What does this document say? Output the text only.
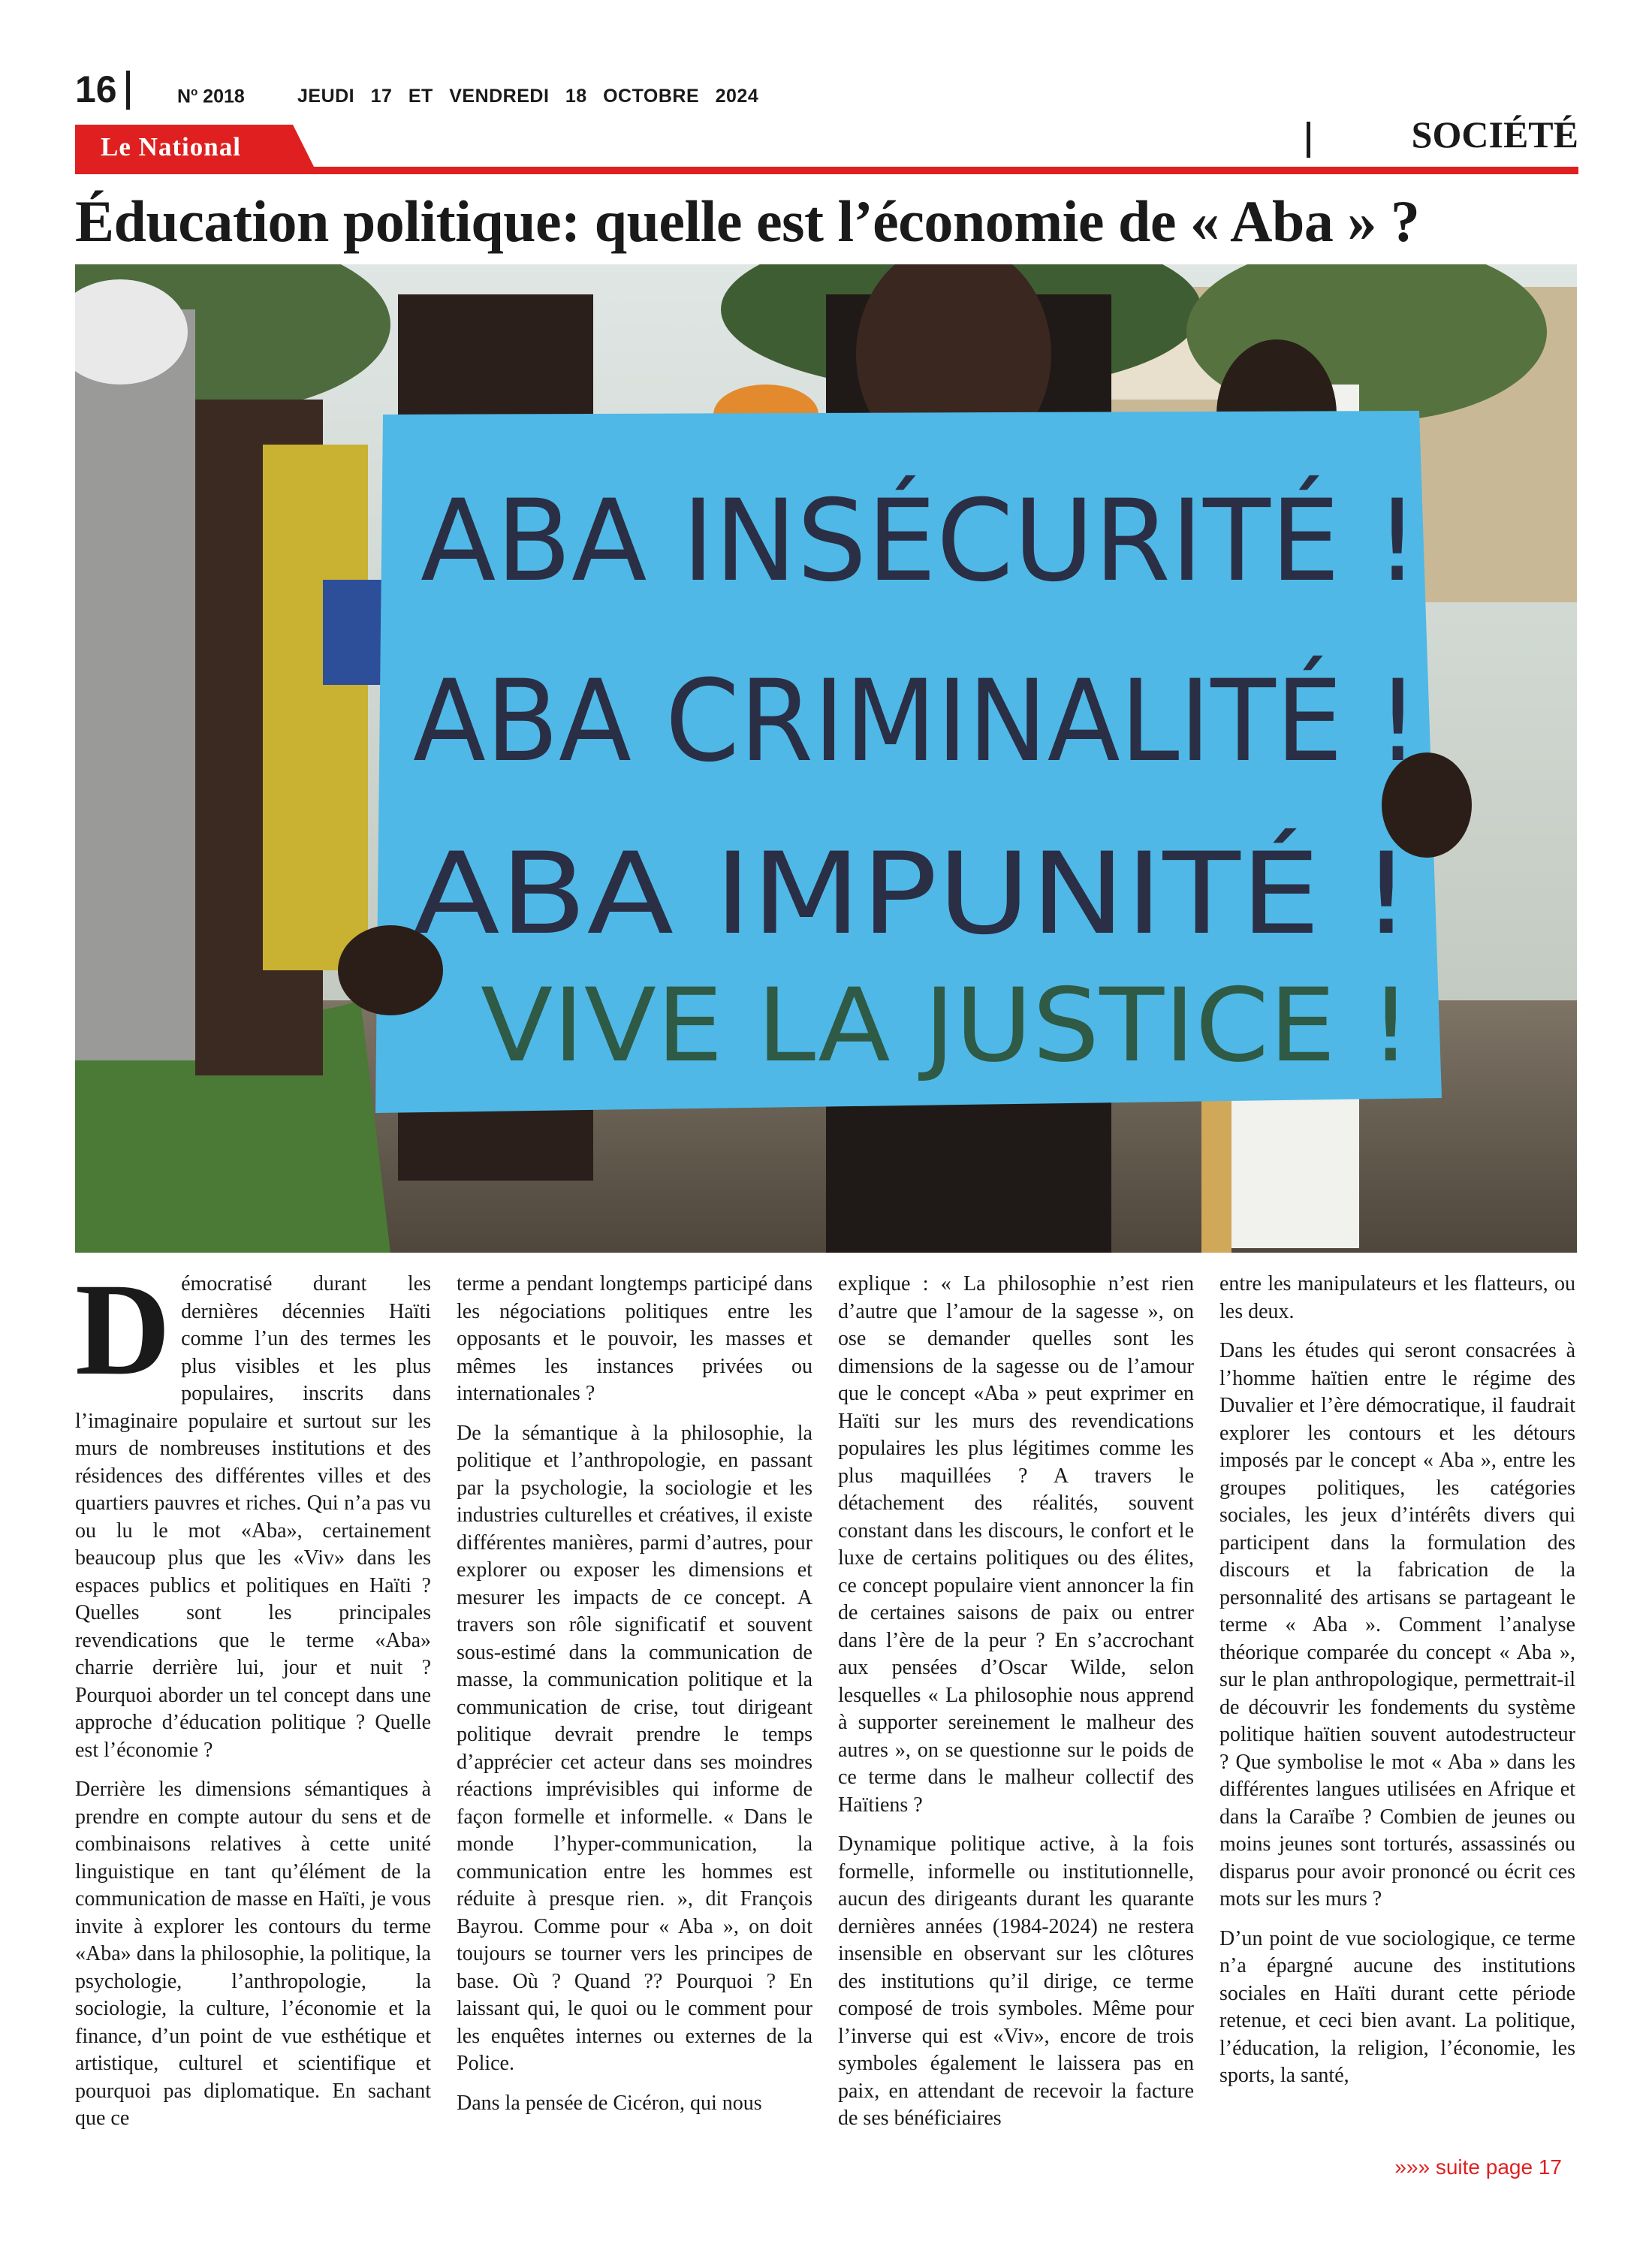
16	$N^o$ 2018	JEUDI 17 ET VENDREDI 18 OCTOBRE 2024
Le National	SOCIÉTÉ
Éducation politique: quelle est l’économie de « Aba » ?
ABA INSÉCURITÉ !
ABA CRIMINALITÉ !
ABA IMPUNITÉ !
VIVE LA JUSTICE !

Démocratisé durant les dernières décennies Haïti comme l’un des termes les plus visibles et les plus populaires, inscrits dans l’imaginaire populaire et surtout sur les murs de nombreuses institutions et des résidences des différentes villes et des quartiers pauvres et riches. Qui n’a pas vu ou lu le mot «Aba», certainement beaucoup plus que les «Viv» dans les espaces publics et politiques en Haïti ? Quelles sont les principales revendications que le terme «Aba» charrie derrière lui, jour et nuit ? Pourquoi aborder un tel concept dans une approche d’éducation politique ? Quelle est l’économie ?

Derrière les dimensions sémantiques à prendre en compte autour du sens et de combinaisons relatives à cette unité linguistique en tant qu’élément de la communication de masse en Haïti, je vous invite à explorer les contours du terme «Aba» dans la philosophie, la politique, la psychologie, l’anthropologie, la sociologie, la culture, l’économie et la finance, d’un point de vue esthétique et artistique, culturel et scientifique et pourquoi pas diplomatique. En sachant que ce

terme a pendant longtemps participé dans les négociations politiques entre les opposants et le pouvoir, les masses et mêmes les instances privées ou internationales ?

De la sémantique à la philosophie, la politique et l’anthropologie, en passant par la psychologie, la sociologie et les industries culturelles et créatives, il existe différentes manières, parmi d’autres, pour explorer ou exposer les dimensions et mesurer les impacts de ce concept. A travers son rôle significatif et souvent sous-estimé dans la communication de masse, la communication politique et la communication de crise, tout dirigeant politique devrait prendre le temps d’apprécier cet acteur dans ses moindres réactions imprévisibles qui informe de façon formelle et informelle. « Dans le monde l’hyper-communication, la communication entre les hommes est réduite à presque rien. », dit François Bayrou. Comme pour « Aba », on doit toujours se tourner vers les principes de base. Où ? Quand ?? Pourquoi ? En laissant qui, le quoi ou le comment pour les enquêtes internes ou externes de la Police.

Dans la pensée de Cicéron, qui nous

explique : « La philosophie n’est rien d’autre que l’amour de la sagesse », on ose se demander quelles sont les dimensions de la sagesse ou de l’amour que le concept «Aba » peut exprimer en Haïti sur les murs des revendications populaires les plus légitimes comme les plus maquillées ? A travers le détachement des réalités, souvent constant dans les discours, le confort et le luxe de certains politiques ou des élites, ce concept populaire vient annoncer la fin de certaines saisons de paix ou entrer dans l’ère de la peur ? En s’accrochant aux pensées d’Oscar Wilde, selon lesquelles « La philosophie nous apprend à supporter sereinement le malheur des autres », on se questionne sur le poids de ce terme dans le malheur collectif des Haïtiens ?

Dynamique politique active, à la fois formelle, informelle ou institutionnelle, aucun des dirigeants durant les quarante dernières années (1984-2024) ne restera insensible en observant sur les clôtures des institutions qu’il dirige, ce terme composé de trois symboles. Même pour l’inverse qui est «Viv», encore de trois symboles également le laissera pas en paix, en attendant de recevoir la facture de ses bénéficiaires

entre les manipulateurs et les flatteurs, ou les deux.

Dans les études qui seront consacrées à l’homme haïtien entre le régime des Duvalier et l’ère démocratique, il faudrait explorer les contours et les détours imposés par le concept « Aba », entre les groupes politiques, les catégories sociales, les jeux d’intérêts divers qui participent dans la formulation des discours et la fabrication de la personnalité des artisans se partageant le terme « Aba ». Comment l’analyse théorique comparée du concept « Aba », sur le plan anthropologique, permettrait-il de découvrir les fondements du système politique haïtien souvent autodestructeur ? Que symbolise le mot « Aba » dans les différentes langues utilisées en Afrique et dans la Caraïbe ? Combien de jeunes ou moins jeunes sont torturés, assassinés ou disparus pour avoir prononcé ou écrit ces mots sur les murs ?

D’un point de vue sociologique, ce terme n’a épargné aucune des institutions sociales en Haïti durant cette période retenue, et ceci bien avant. La politique, l’éducation, la religion, l’économie, les sports, la santé,

»»» suite page 17
